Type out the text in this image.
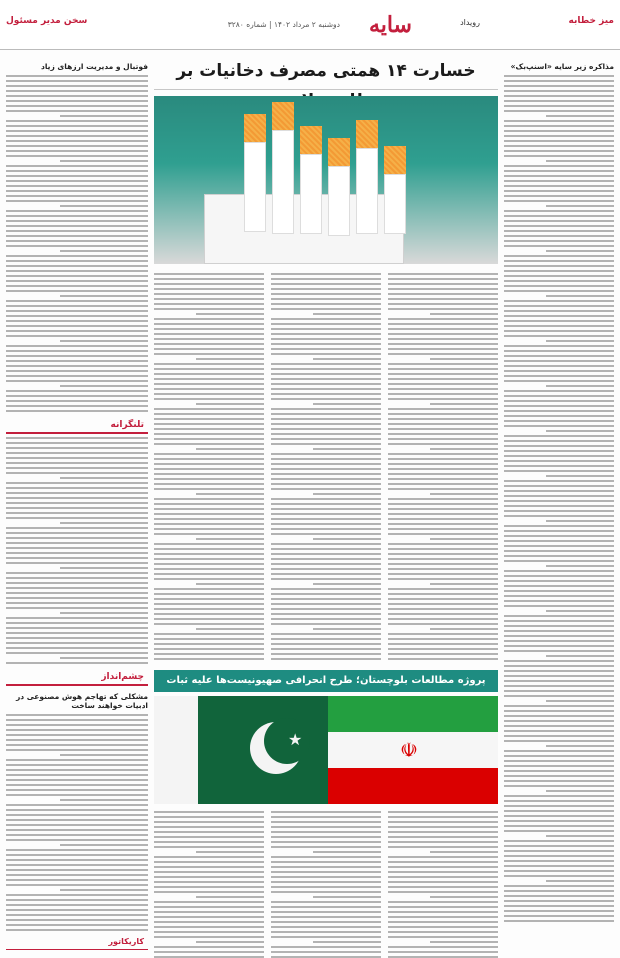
میز خطابه
رویداد
سایه
دوشنبه ۲ مرداد ۱۴۰۲ | شماره ۳۲۸۰
سخن مدیر مسئول
مذاکره زیر سایه «اسنپ‌بک»
خسارت ۱۴ همتی مصرف دخانیات بر
پروژه مطالعات بلوچستان؛ طرح انحرافی صهیونیست‌ها علیه ثبات
★	☫
فوتبال و مدیریت ارزهای زیاد
تلنگرانه
چشم‌انداز
مشکلی که تهاجم هوش مصنوعی در ادبیات خواهند ساخت
کاریکاتور
